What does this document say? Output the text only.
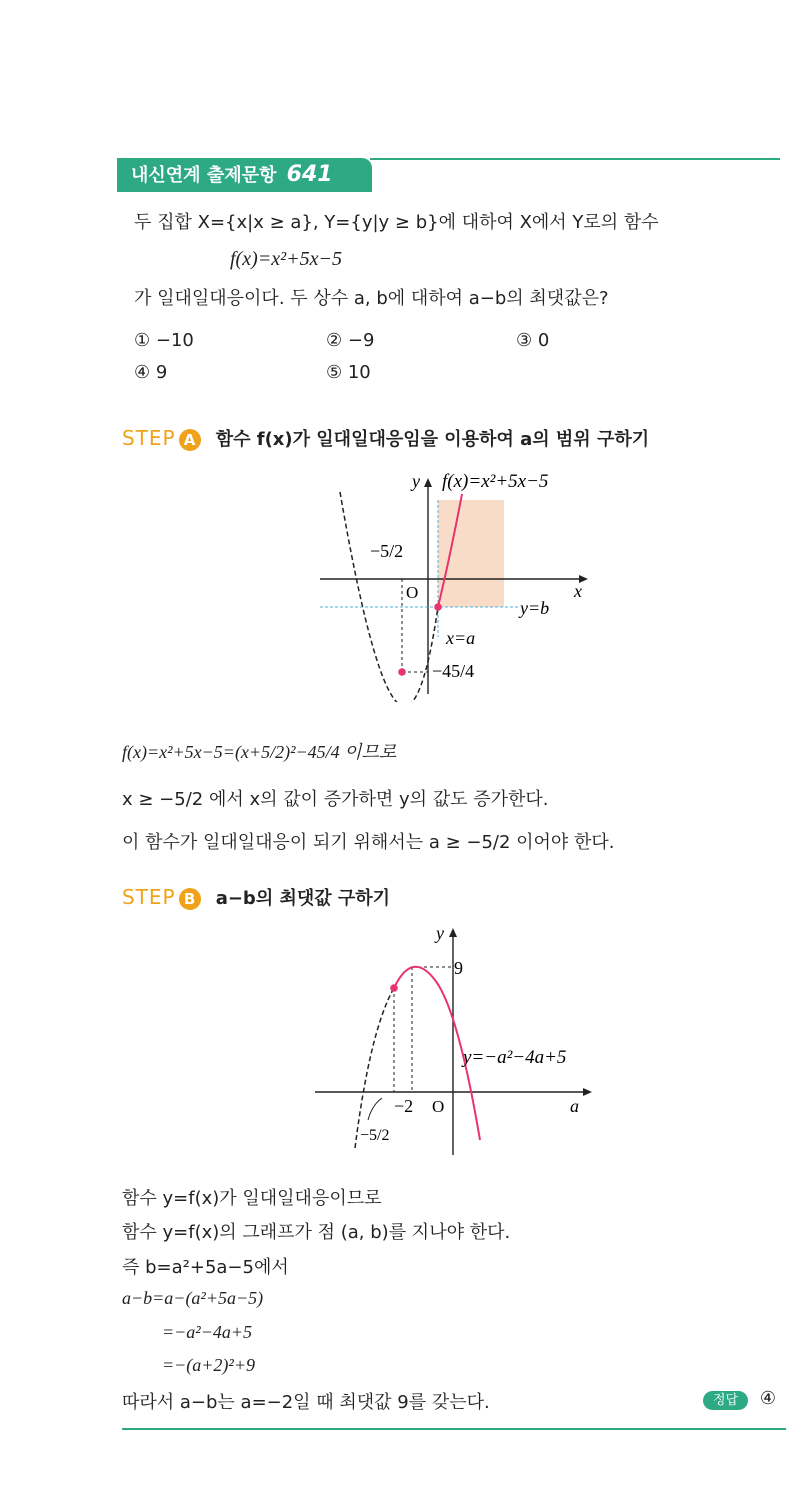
내신연계 출제문항 641
두 집합 X={x|x ≥ a}, Y={y|y ≥ b}에 대하여 X에서 Y로의 함수
f(x)=x²+5x−5
가 일대일대응이다. 두 상수 a, b에 대하여 a−b의 최댓값은?
① −10	② −9	③ 0
④ 9	⑤ 10
STEP A 함수 f(x)가 일대일대응임을 이용하여 a의 범위 구하기
y f(x)=x²+5x−5
x
O
−5/2
y=b
x=a
−45/4
f(x)=x²+5x−5=(x+5/2)²−45/4 이므로
x ≥ −5/2 에서 x의 값이 증가하면 y의 값도 증가한다.
이 함수가 일대일대응이 되기 위해서는 a ≥ −5/2 이어야 한다.
STEP B a−b의 최댓값 구하기
y
9
y=−a²−4a+5
−2 O	a
−5/2
함수 y=f(x)가 일대일대응이므로
함수 y=f(x)의 그래프가 점 (a, b)를 지나야 한다.
즉 b=a²+5a−5에서
a−b=a−(a²+5a−5)
=−a²−4a+5
=−(a+2)²+9
따라서 a−b는 a=−2일 때 최댓값 9를 갖는다.	정답 ④
